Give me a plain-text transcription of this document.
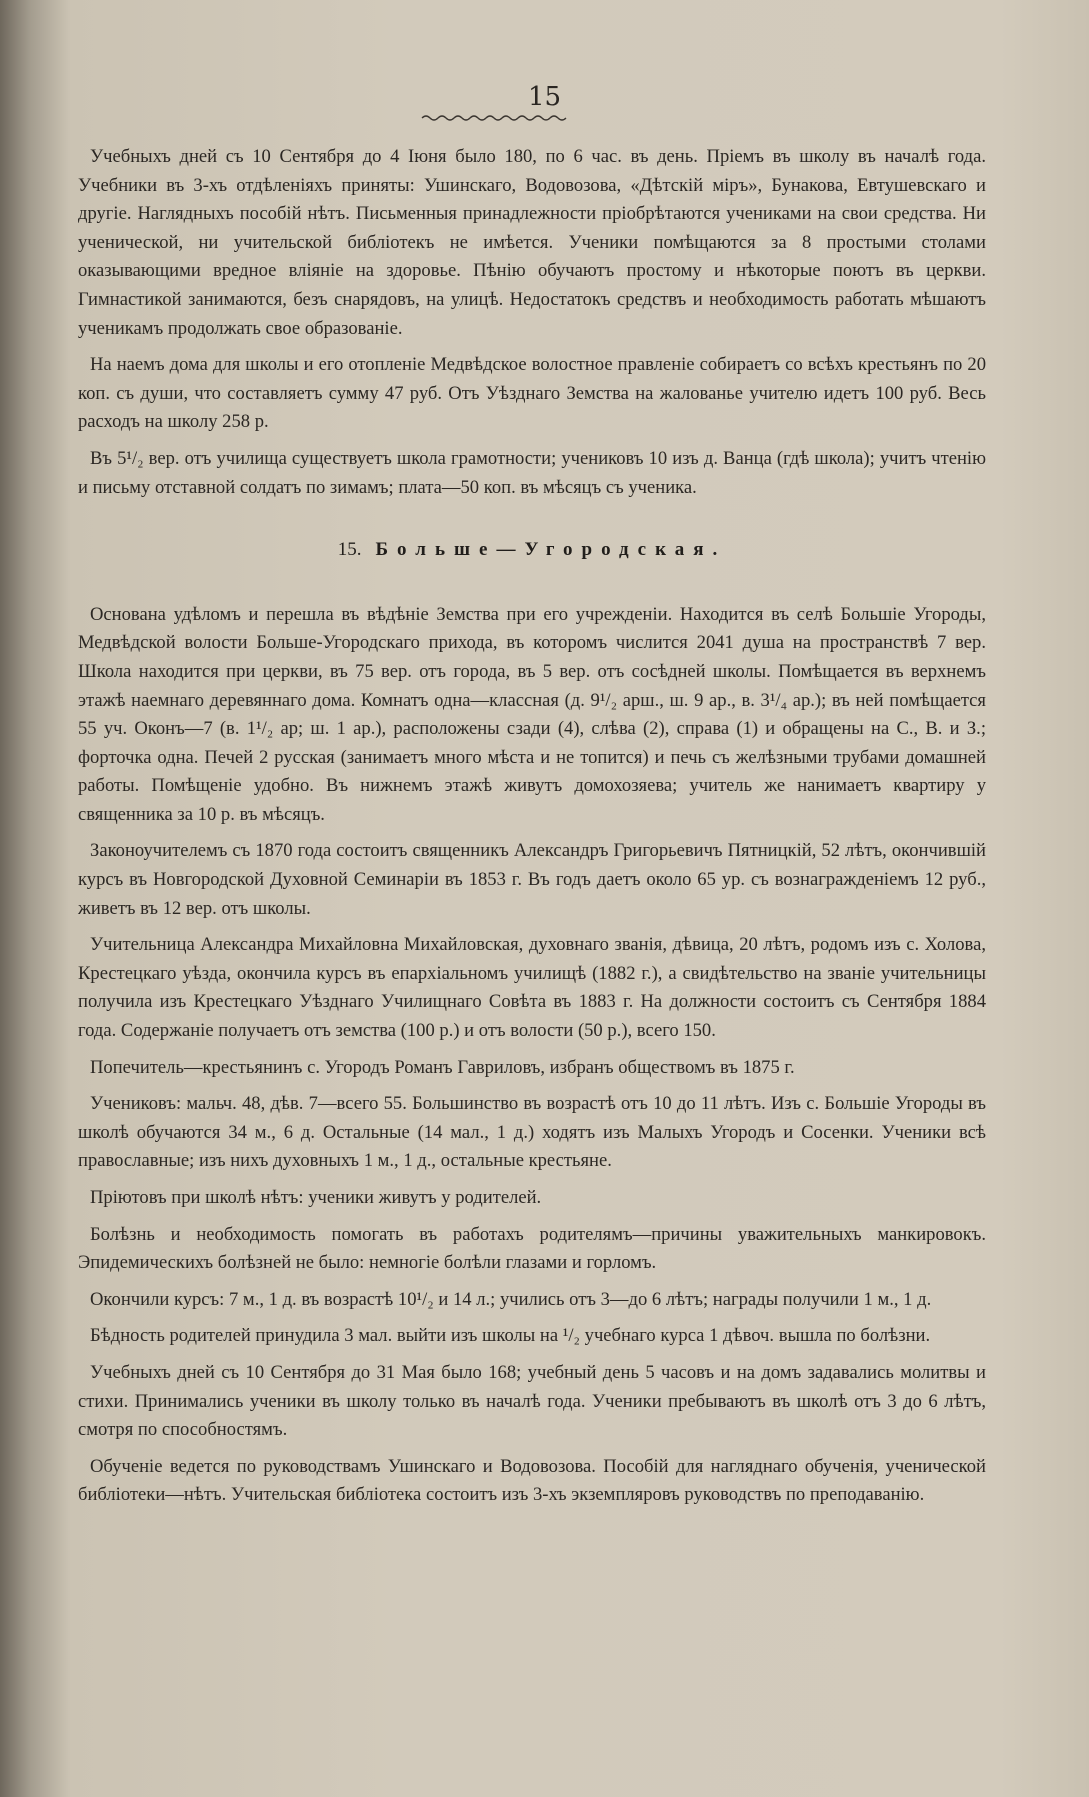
15

Учебныхъ дней съ 10 Сентября до 4 Іюня было 180, по 6 час. въ день. Пріемъ въ школу въ началѣ года. Учебники въ 3-хъ отдѣленіяхъ приняты: Ушинскаго, Водовозова, «Дѣтскій міръ», Бунакова, Евтушевскаго и другіе. Наглядныхъ пособій нѣтъ. Письменныя принадлежности пріобрѣтаются учениками на свои средства. Ни ученической, ни учительской библіотекъ не имѣется. Ученики помѣщаются за 8 простыми столами оказывающими вредное вліяніе на здоровье. Пѣнію обучаютъ простому и нѣкоторые поютъ въ церкви. Гимнастикой занимаются, безъ снарядовъ, на улицѣ. Недостатокъ средствъ и необходимость работать мѣшаютъ ученикамъ продолжать свое образованіе.

На наемъ дома для школы и его отопленіе Медвѣдское волостное правленіе собираетъ со всѣхъ крестьянъ по 20 коп. съ души, что составляетъ сумму 47 руб. Отъ Уѣзднаго Земства на жалованье учителю идетъ 100 руб. Весь расходъ на школу 258 р.

Въ 5¹/₂ вер. отъ училища существуетъ школа грамотности; учениковъ 10 изъ д. Ванца (гдѣ школа); учитъ чтенію и письму отставной солдатъ по зимамъ; плата—50 коп. въ мѣсяцъ съ ученика.

15. Больше—Угородская.

Основана удѣломъ и перешла въ вѣдѣніе Земства при его учрежденіи. Находится въ селѣ Большіе Угороды, Медвѣдской волости Больше-Угородскаго прихода, въ которомъ числится 2041 душа на пространствѣ 7 вер. Школа находится при церкви, въ 75 вер. отъ города, въ 5 вер. отъ сосѣдней школы. Помѣщается въ верхнемъ этажѣ наемнаго деревяннаго дома. Комнатъ одна—классная (д. 9¹/₂ арш., ш. 9 ар., в. 3¹/₄ ар.); въ ней помѣщается 55 уч. Оконъ—7 (в. 1¹/₂ ар; ш. 1 ар.), расположены сзади (4), слѣва (2), справа (1) и обращены на С., В. и З.; форточка одна. Печей 2 русская (занимаетъ много мѣста и не топится) и печь съ желѣзными трубами домашней работы. Помѣщеніе удобно. Въ нижнемъ этажѣ живутъ домохозяева; учитель же нанимаетъ квартиру у священника за 10 р. въ мѣсяцъ.

Законоучителемъ съ 1870 года состоитъ священникъ Александръ Григорьевичъ Пятницкій, 52 лѣтъ, окончившій курсъ въ Новгородской Духовной Семинаріи въ 1853 г. Въ годъ даетъ около 65 ур. съ вознагражденіемъ 12 руб., живетъ въ 12 вер. отъ школы.

Учительница Александра Михайловна Михайловская, духовнаго званія, дѣвица, 20 лѣтъ, родомъ изъ с. Холова, Крестецкаго уѣзда, окончила курсъ въ епархіальномъ училищѣ (1882 г.), а свидѣтельство на званіе учительницы получила изъ Крестецкаго Уѣзднаго Училищнаго Совѣта въ 1883 г. На должности состоитъ съ Сентября 1884 года. Содержаніе получаетъ отъ земства (100 р.) и отъ волости (50 р.), всего 150.

Попечитель—крестьянинъ с. Угородъ Романъ Гавриловъ, избранъ обществомъ въ 1875 г.

Учениковъ: мальч. 48, дѣв. 7—всего 55. Большинство въ возрастѣ отъ 10 до 11 лѣтъ. Изъ с. Большіе Угороды въ школѣ обучаются 34 м., 6 д. Остальные (14 мал., 1 д.) ходятъ изъ Малыхъ Угородъ и Сосенки. Ученики всѣ православные; изъ нихъ духовныхъ 1 м., 1 д., остальные крестьяне.

Пріютовъ при школѣ нѣтъ: ученики живутъ у родителей.

Болѣзнь и необходимость помогать въ работахъ родителямъ—причины уважительныхъ манкировокъ. Эпидемическихъ болѣзней не было: немногіе болѣли глазами и горломъ.

Окончили курсъ: 7 м., 1 д. въ возрастѣ 10¹/₂ и 14 л.; учились отъ 3—до 6 лѣтъ; награды получили 1 м., 1 д.

Бѣдность родителей принудила 3 мал. выйти изъ школы на ¹/₂ учебнаго курса 1 дѣвоч. вышла по болѣзни.

Учебныхъ дней съ 10 Сентября до 31 Мая было 168; учебный день 5 часовъ и на домъ задавались молитвы и стихи. Принимались ученики въ школу только въ началѣ года. Ученики пребываютъ въ школѣ отъ 3 до 6 лѣтъ, смотря по способностямъ.

Обученіе ведется по руководствамъ Ушинскаго и Водовозова. Пособій для нагляднаго обученія, ученической библіотеки—нѣтъ. Учительская библіотека состоитъ изъ 3-хъ экземпляровъ руководствъ по преподаванію.
